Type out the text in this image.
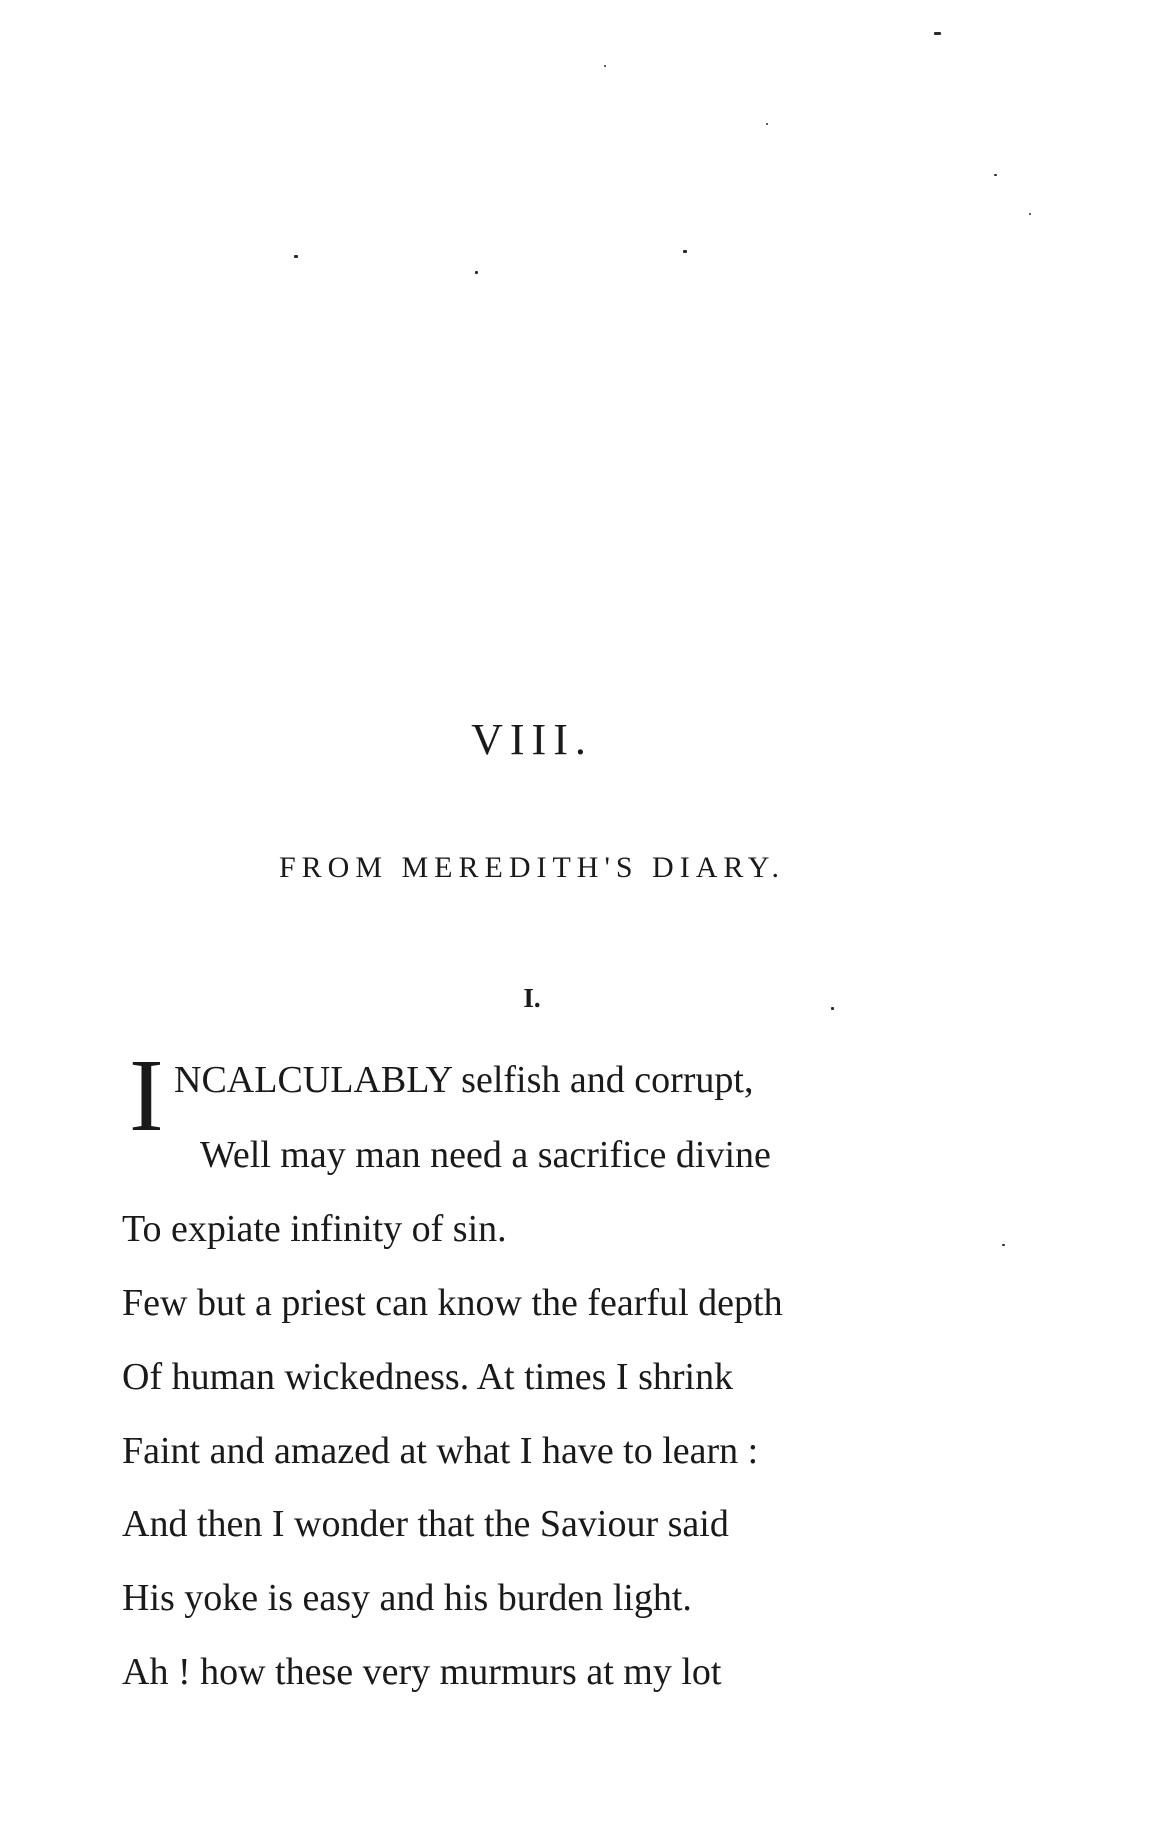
VIII.
FROM MEREDITH'S DIARY.
I.
I NCALCULABLY selfish and corrupt,
Well may man need a sacrifice divine
To expiate infinity of sin.
Few but a priest can know the fearful depth
Of human wickedness. At times I shrink
Faint and amazed at what I have to learn :
And then I wonder that the Saviour said
His yoke is easy and his burden light.
Ah ! how these very murmurs at my lot
